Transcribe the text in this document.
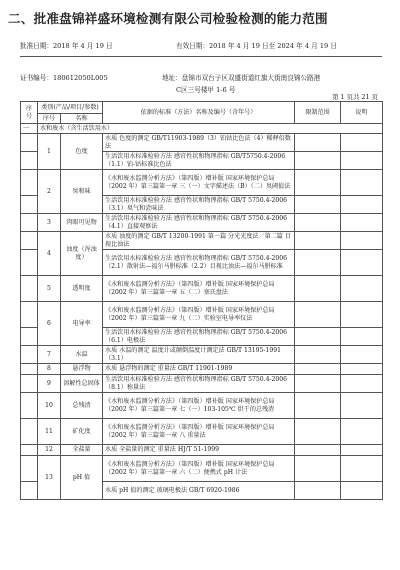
二、批准盘锦祥盛环境检测有限公司检验检测的能力范围
批准日期：2018 年 4 月 19 日	有效日期：2018 年 4 月 19 日至 2024 年 4 月 19 日
证书编号：180612050L005	地址：盘锦市双台子区双盛街道红旗大街南良锦公路港
C区三号楼甲 1-6 号
第 1 页共 21 页
序号	类别(产品/项目/参数)		依据的标准（方法）名称及编号（含年号）	限制范围	说明
	序号	名称			
一	水和废水（含生活饮用水）				
	1	色度	水质 色度的测定 GB/T11903-1989（3）铂钴比色法（4）稀释倍数法		
			生活饮用水标准检验方法 感官性状和物理指标 GB/T5750.4-2006（1.1）铂-钴标准比色法		
	2	臭和味	《水和废水监测分析方法》（第四版）增补版 国家环境保护总局（2002 年）第三篇第一章 三（一）文字描述法（B）（二）臭阈值法		
			生活饮用水标准检验方法 感官性状和物理指标 GB/T 5750.4-2006（3.1）臭气和尝味法		
	3	肉眼可见物	生活饮用水标准检验方法 感官性状和物理指标 GB/T 5750.4-2006（4.1）直接观察法		
	4	浊度（浑浊度）	水质 浊度的测定 GB/T 13200-1991 第一篇 分光光度法／第二篇 目视比浊法		
			生活饮用水标准检验方法 感官性状和物理指标 GB/T 5750.4-2006（2.1）散射法—福尔马肼标准（2.2）目视比浊法—福尔马肼标准		
	5	透明度	《水和废水监测分析方法》（第四版）增补版 国家环境保护总局（2002 年）第三篇第一章 五（二）塞氏盘法		
	6	电导率	《水和废水监测分析方法》（第四版）增补版 国家环境保护总局（2002 年）第三篇第一章 九（二）实验室电导率仪法		
			生活饮用水标准检验方法 感官性状和物理指标 GB/T 5750.4-2006（6.1）电极法		
	7	水温	水质 水温的测定 温度计或颠倒温度计测定法 GB/T 13195-1991（3.1）		
	8	悬浮物	水质 悬浮物的测定 重量法 GB/T 11901-1989		
	9	溶解性总固体	生活饮用水标准检验方法 感官性状和物理指标 GB/T 5750.4-2006（8.1）称量法		
	10	总残渣	《水和废水监测分析方法》（第四版）增补版 国家环境保护总局（2002 年）第三篇第一章 七（一）103-105℃ 烘干的总残渣		
	11	矿化度	《水和废水监测分析方法》（第四版）增补版 国家环境保护总局（2002 年）第三篇第一章 八 重量法		
	12	全盐量	水质 全盐量的测定 重量法 HJ/T 51-1999		
	13	pH 值	《水和废水监测分析方法》（第四版）增补版 国家环境保护总局（2002 年）第三篇第一章 六（二）便携式 pH 计法		
			水质 pH 值的测定 玻璃电极法 GB/T 6920-1986		
